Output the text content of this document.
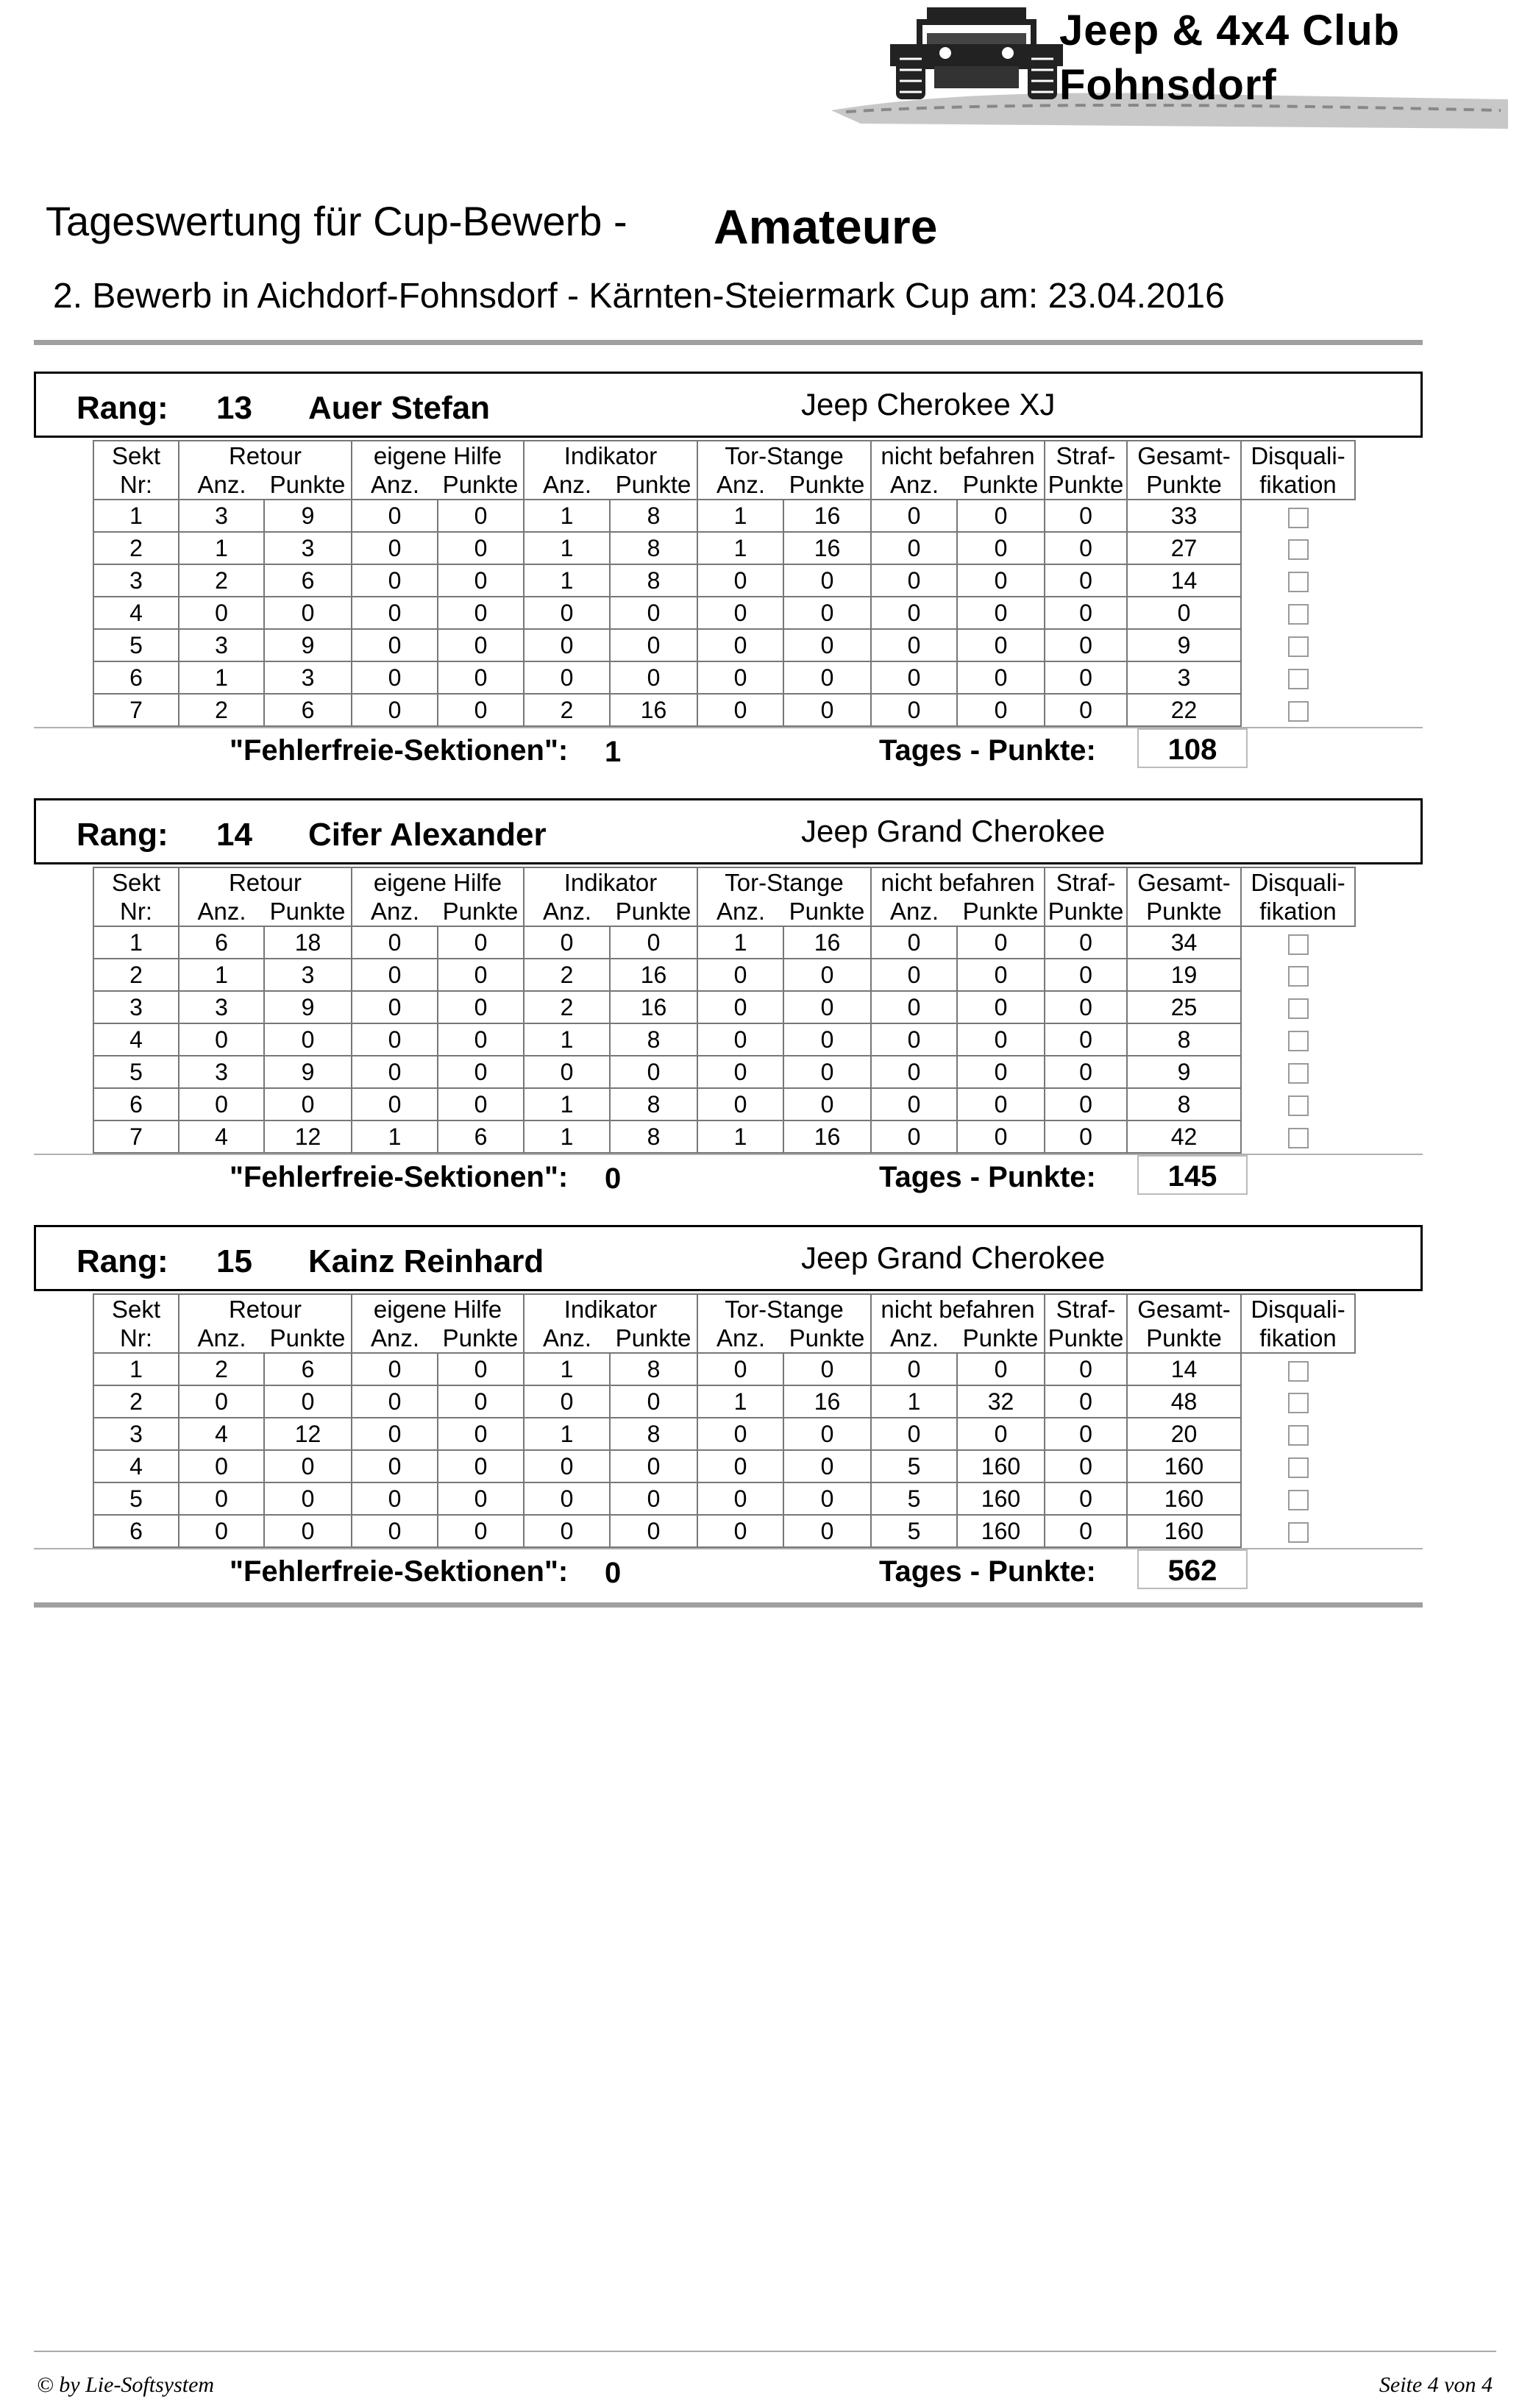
Jeep & 4x4 Club
Fohnsdorf
Tageswertung für Cup-Bewerb - Amateure
2. Bewerb in Aichdorf-Fohnsdorf - Kärnten-Steiermark Cup am: 23.04.2016
Rang: 13 Auer Stefan	Jeep Cherokee XJ
Sekt	Retour		eigene Hilfe		Indikator		Tor-Stange		nicht befahren		Straf-	Gesamt-	Disquali-
Nr:	Anz.	Punkte	Anz.	Punkte	Anz.	Punkte	Anz.	Punkte	Anz.	Punkte	Punkte	Punkte	fikation
1	3	9	0	0	1	8	1	16	0	0	0	33	
2	1	3	0	0	1	8	1	16	0	0	0	27	
3	2	6	0	0	1	8	0	0	0	0	0	14	
4	0	0	0	0	0	0	0	0	0	0	0	0	
5	3	9	0	0	0	0	0	0	0	0	0	9	
6	1	3	0	0	0	0	0	0	0	0	0	3	
7	2	6	0	0	2	16	0	0	0	0	0	22	
"Fehlerfreie-Sektionen": 1	Tages - Punkte:	108
Rang: 14 Cifer Alexander	Jeep Grand Cherokee
Sekt	Retour		eigene Hilfe		Indikator		Tor-Stange		nicht befahren		Straf-	Gesamt-	Disquali-
Nr:	Anz.	Punkte	Anz.	Punkte	Anz.	Punkte	Anz.	Punkte	Anz.	Punkte	Punkte	Punkte	fikation
1	6	18	0	0	0	0	1	16	0	0	0	34	
2	1	3	0	0	2	16	0	0	0	0	0	19	
3	3	9	0	0	2	16	0	0	0	0	0	25	
4	0	0	0	0	1	8	0	0	0	0	0	8	
5	3	9	0	0	0	0	0	0	0	0	0	9	
6	0	0	0	0	1	8	0	0	0	0	0	8	
7	4	12	1	6	1	8	1	16	0	0	0	42	
"Fehlerfreie-Sektionen": 0	Tages - Punkte:	145
Rang: 15 Kainz Reinhard	Jeep Grand Cherokee
Sekt	Retour		eigene Hilfe		Indikator		Tor-Stange		nicht befahren		Straf-	Gesamt-	Disquali-
Nr:	Anz.	Punkte	Anz.	Punkte	Anz.	Punkte	Anz.	Punkte	Anz.	Punkte	Punkte	Punkte	fikation
1	2	6	0	0	1	8	0	0	0	0	0	14	
2	0	0	0	0	0	0	1	16	1	32	0	48	
3	4	12	0	0	1	8	0	0	0	0	0	20	
4	0	0	0	0	0	0	0	0	5	160	0	160	
5	0	0	0	0	0	0	0	0	5	160	0	160	
6	0	0	0	0	0	0	0	0	5	160	0	160	
"Fehlerfreie-Sektionen": 0	Tages - Punkte:	562
© by Lie-Softsystem	Seite 4 von 4
